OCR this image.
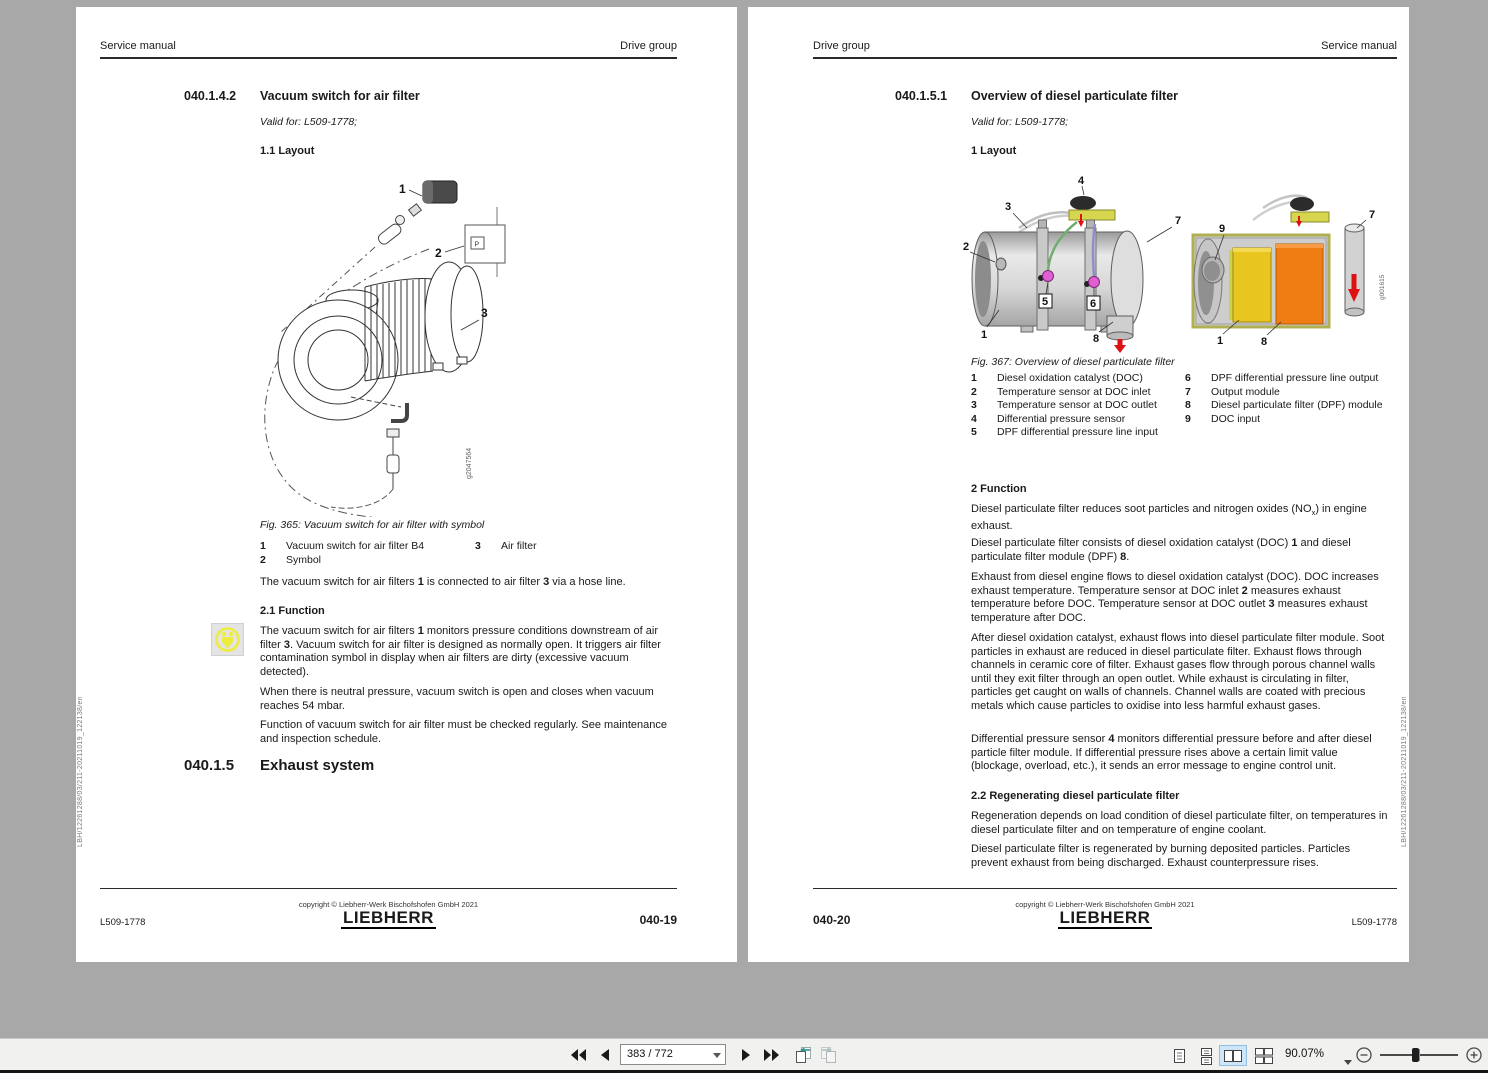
Service manual	Drive group
040.1.4.2	Vacuum switch for air filter
Valid for: L509-1778;
1.1 Layout
P
1
2
3
g2047564
Fig. 365: Vacuum switch for air filter with symbol
1	Vacuum switch for air filter B4	3	Air filter
2	Symbol

The vacuum switch for air filters 1 is connected to air filter 3 via a hose line.

2.1 Function

The vacuum switch for air filters 1 monitors pressure conditions downstream of air filter 3. Vacuum switch for air filter is designed as normally open. It triggers air filter contamination symbol in display when air filters are dirty (excessive vacuum detected).

When there is neutral pressure, vacuum switch is open and closes when vacuum reaches 54 mbar.

Function of vacuum switch for air filter must be checked regularly. See maintenance and inspection schedule.

040.1.5	Exhaust system
copyright © Liebherr-Werk Bischofshofen GmbH 2021
LIEBHERR
L509-1778	040-19
LBH/12261288/03/211-20211019_122138/en
Drive group	Service manual
040.1.5.1	Overview of diesel particulate filter
Valid for: L509-1778;
1 Layout
1
2
3
4
5	6
7
8
9
7
1	8
g001615
Fig. 367: Overview of diesel particulate filter
1	Diesel oxidation catalyst (DOC)	6	DPF differential pressure line output
2	Temperature sensor at DOC inlet	7	Output module
3	Temperature sensor at DOC outlet	8	Diesel particulate filter (DPF) module
4	Differential pressure sensor	9	DOC input
5	DPF differential pressure line input
2 Function

Diesel particulate filter reduces soot particles and nitrogen oxides $(NO_x)$ in engine exhaust.

Diesel particulate filter consists of diesel oxidation catalyst (DOC) 1 and diesel particulate filter module (DPF) 8.

Exhaust from diesel engine flows to diesel oxidation catalyst (DOC). DOC increases exhaust temperature. Temperature sensor at DOC inlet 2 measures exhaust temperature before DOC. Temperature sensor at DOC outlet 3 measures exhaust temperature after DOC.

After diesel oxidation catalyst, exhaust flows into diesel particulate filter module. Soot particles in exhaust are reduced in diesel particulate filter. Exhaust flows through channels in ceramic core of filter. Exhaust gases flow through porous channel walls until they exit filter through an open outlet. While exhaust is circulating in filter, particles get caught on walls of channels. Channel walls are coated with precious metals which cause particles to oxidise into less harmful exhaust gases.

Differential pressure sensor 4 monitors differential pressure before and after diesel particle filter module. If differential pressure rises above a certain limit value (blockage, overload, etc.), it sends an error message to engine control unit.

2.2 Regenerating diesel particulate filter

Regeneration depends on load condition of diesel particulate filter, on temperatures in diesel particulate filter and on temperature of engine coolant.

Diesel particulate filter is regenerated by burning deposited particles. Particles prevent exhaust from being discharged. Exhaust counterpressure rises.

copyright © Liebherr-Werk Bischofshofen GmbH 2021
LIEBHERR
040-20	L509-1778
LBH/12261288/03/211-20211019_122138/en
383 / 772	90.07%
